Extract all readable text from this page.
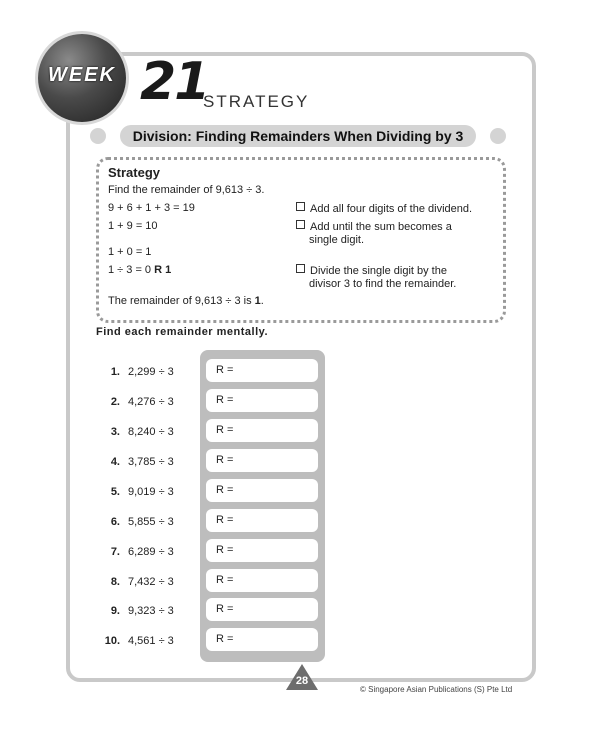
WEEK 21
STRATEGY
Division: Finding Remainders When Dividing by 3
Strategy
Find the remainder of 9,613 ÷ 3.
9 + 6 + 1 + 3 = 19
1 + 9 = 10
1 + 0 = 1
1 ÷ 3 = 0 R 1
Add all four digits of the dividend.
Add until the sum becomes a
single digit.
Divide the single digit by the
divisor 3 to find the remainder.
The remainder of 9,613 ÷ 3 is 1.
Find each remainder mentally.
1. 2,299 ÷ 3	R =
2. 4,276 ÷ 3	R =
3. 8,240 ÷ 3	R =
4. 3,785 ÷ 3	R =
5. 9,019 ÷ 3	R =
6. 5,855 ÷ 3	R =
7. 6,289 ÷ 3	R =
8. 7,432 ÷ 3	R =
9. 9,323 ÷ 3	R =
10. 4,561 ÷ 3	R =
28
© Singapore Asian Publications (S) Pte Ltd
